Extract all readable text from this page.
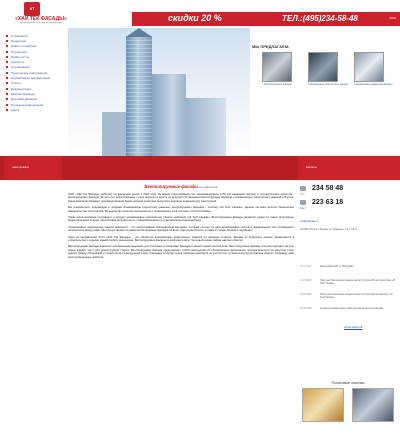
ХТ
«ХАЙ ТЕК ФАСАДЫ»
вентилируемые и светопрозрачные фасады	скидки 20 %	ТЕЛ.:(495)234-58-48	RUS
О компании
Продукция
Новости компании
Портфолио
Прайс-листы
Контакты
Сертификаты
Технические информация
Нормативная документация
Статьи
Документация
Монтаж фасадов
Доставка фасадов
Полезная информация
Карта
МЫ ПРЕДЛАГАЕМ:
Вентилируемые фасады	Алюминиевые композитные панели	Алюминиевые подвесные фасады
наши проекты	контакты
Вентилируемые фасады из композита

ООО «Хай Тек Фасады» работает на фасадном рынке с 2003 года. За время существования мы зарекомендовали себя как надежный партнер в осуществлении проектов - вентилируемые фасады. За пять лет наша компания с нуля выросла в одного из ведущих поставщиков вентилируемых фасадов и алюминиевых композитных панелей в России. Наша компания обладает производственной базой, которая позволяет выпускать широкую номенклатуру конструкций.

Мы разработали, производим и продаем алюминиевую подсистему навесных вентилируемых фасадов - систему «Hi Tech Facade». Данная система прошла Техническое Свидетельство Госстроя РФ. Большинство проектов выполняются с применением этой системы «Hi Tech Facade».

Также наша компания производит и продает алюминиевые композитные панели, компании «Hi Tech Facade». Вентилируемые фасады являются одним из самых популярных видов облицовки зданий, обеспечивая долговечность, пожаробезопасность и великолепный внешний вид.

Алюминиевые композитные панели (композит) - это многослойный облицовочный материал, который состоит из двух алюминиевых листов и минерального или полимерного наполнителя между ними. Мы осуществляем поставки вентилируемых фасадов по всей территории России, а также в страны ближнего зарубежья.

Одно из направлений ООО «Хай Тек Фасады» - это обработка алюминиевых композитных панелей по желанию клиента. Фасады из композита широко применяются в строительстве и отделке зданий любого назначения. Вентилируемые фасады из композита могут быть выполнены любых цветов и фактур.

Вентилируемые фасады являются оптимальным решением для утепления и облицовки фасадов в нашей климатической зоне. Вентилируемые фасады системы подходят как для новых зданий, так и для реконструкции старых. Вентилируемые фасады представляют собой конструкцию из облицовочных материалов, которая крепится на несущую стену здания. Между облицовкой и стеной остается воздушный зазор, благодаря которому влага свободно удаляется из утеплителя, а сама конструкция фасада надолго сохраняет свои эксплуатационные свойства.

Тел.:
234 58 48
Факс:
223 63 18
info@htfacade.ru
121099, Россия, г.Москва, ул. Бурденко, д.10, оф. 8
27.11.2013	Распродажа АКП от 400 руб/м2.
11.03.2009	Получено Техническое свидетельство Госстроя РФ на подсистему «Hi Tech Facade».
11.03.2008	Получено Техническое свидетельство Госстроя РФ на композит «Hi Tech Facade».
12.02.2008	Открылся новый склад и офис продаж композита в Москве.
Архив новостей
Полезные ссылки
